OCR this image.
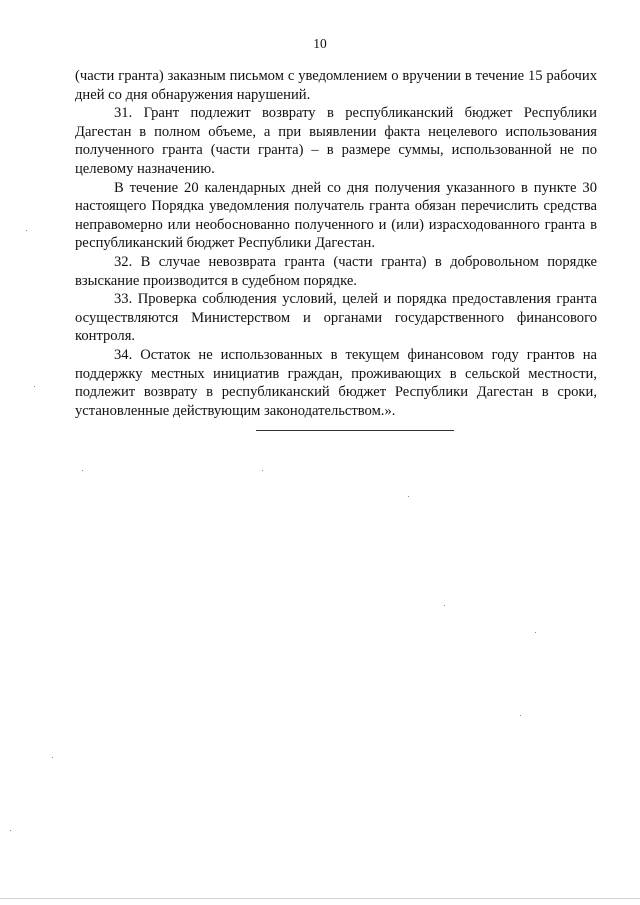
10

(части гранта) заказным письмом с уведомлением о вручении в течение 15 рабочих дней со дня обнаружения нарушений.

31. Грант подлежит возврату в республиканский бюджет Республики Дагестан в полном объеме, а при выявлении факта нецелевого использования полученного гранта (части гранта) – в размере суммы, использованной не по целевому назначению.

В течение 20 календарных дней со дня получения указанного в пункте 30 настоящего Порядка уведомления получатель гранта обязан перечислить средства неправомерно или необоснованно полученного и (или) израсходованного гранта в республиканский бюджет Республики Дагестан.

32. В случае невозврата гранта (части гранта) в добровольном порядке взыскание производится в судебном порядке.

33. Проверка соблюдения условий, целей и порядка предоставления гранта осуществляются Министерством и органами государственного финансового контроля.

34. Остаток не использованных в текущем финансовом году грантов на поддержку местных инициатив граждан, проживающих в сельской местности, подлежит возврату в республиканский бюджет Республики Дагестан в сроки, установленные действующим законодательством.».
